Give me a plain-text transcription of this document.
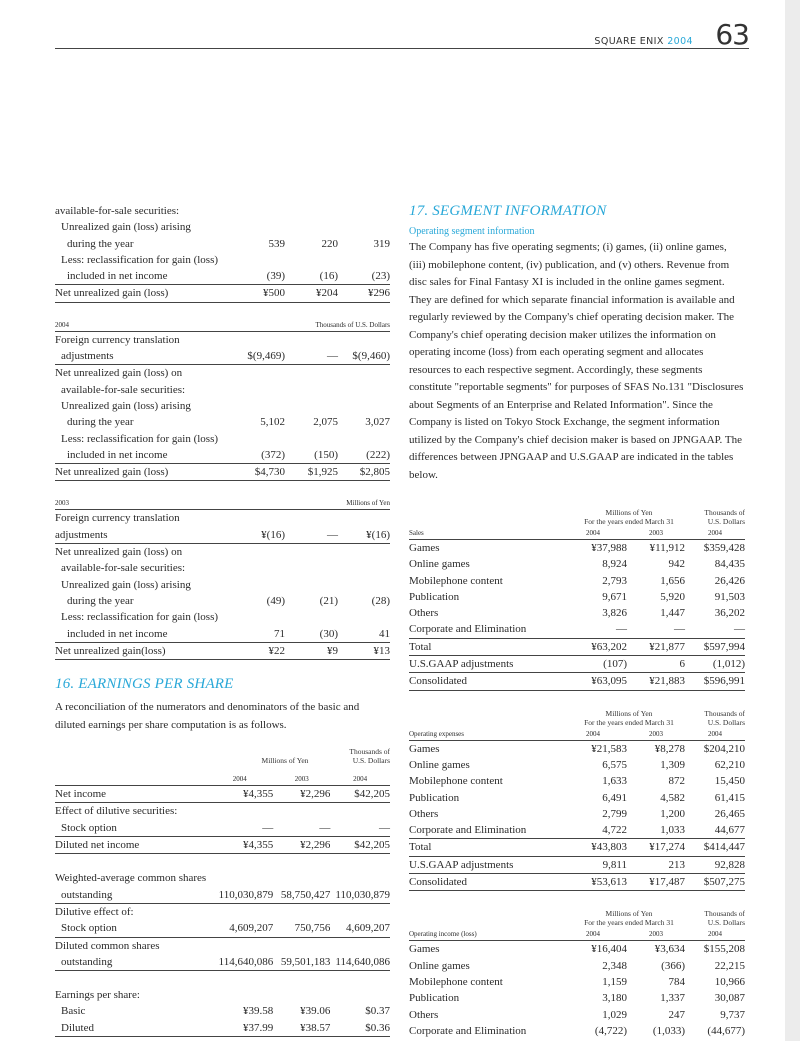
SQUARE ENIX 2004 63
available-for-sale securities:			
Unrealized gain (loss) arising			
during the year	539	220	319
Less: reclassification for gain (loss)			
included in net income	(39)	(16)	(23)
Net unrealized gain (loss)	¥500	¥204	¥296
2004	Thousands of U.S. Dollars		
Foreign currency translation			
adjustments	$(9,469)	—	$(9,460)
Net unrealized gain (loss) on			
available-for-sale securities:			
Unrealized gain (loss) arising			
during the year	5,102	2,075	3,027
Less: reclassification for gain (loss)			
included in net income	(372)	(150)	(222)
Net unrealized gain (loss)	$4,730	$1,925	$2,805
2003	Millions of Yen		
Foreign currency translation			
adjustments	¥(16)	—	¥(16)
Net unrealized gain (loss) on			
available-for-sale securities:			
Unrealized gain (loss) arising			
during the year	(49)	(21)	(28)
Less: reclassification for gain (loss)			
included in net income	71	(30)	41
Net unrealized gain(loss)	¥22	¥9	¥13
16. EARNINGS PER SHARE

A reconciliation of the numerators and denominators of the basic and diluted earnings per share computation is as follows.

Millions of Yen
Thousands of
U.S. Dollars
	2004	2003	2004
Net income	¥4,355	¥2,296	$42,205
Effect of dilutive securities:			
Stock option	—	—	—
Diluted net income	¥4,355	¥2,296	$42,205

Weighted-average common shares			
outstanding	110,030,879	58,750,427	110,030,879
Dilutive effect of:			
Stock option	4,609,207	750,756	4,609,207
Diluted common shares			
outstanding	114,640,086	59,501,183	114,640,086

Earnings per share:			
Basic	¥39.58	¥39.06	$0.37
Diluted	¥37.99	¥38.57	$0.36
17. SEGMENT INFORMATION
Operating segment information

The Company has five operating segments; (i) games, (ii) online games, (iii) mobilephone content, (iv) publication, and (v) others. Revenue from disc sales for Final Fantasy XI is included in the online games segment. They are defined for which separate financial information is available and regularly reviewed by the Company's chief operating decision maker. The Company's chief operating decision maker utilizes the information on operating income (loss) from each operating segment and allocates resources to each respective segment. Accordingly, these segments constitute "reportable segments" for purposes of SFAS No.131 "Disclosures about Segments of an Enterprise and Related Information". Since the Company is listed on Tokyo Stock Exchange, the segment information utilized by the Company's chief decision maker is based on JPNGAAP. The differences between JPNGAAP and U.S.GAAP are indicated in the tables below.

Millions of Yen
For the years ended March 31
Thousands of
U.S. Dollars
Sales	2004	2003	2004
Games	¥37,988	¥11,912	$359,428
Online games	8,924	942	84,435
Mobilephone content	2,793	1,656	26,426
Publication	9,671	5,920	91,503
Others	3,826	1,447	36,202
Corporate and Elimination	—	—	—
Total	¥63,202	¥21,877	$597,994
U.S.GAAP adjustments	(107)	6	(1,012)
Consolidated	¥63,095	¥21,883	$596,991
Millions of Yen
For the years ended March 31
Thousands of
U.S. Dollars
Operating expenses	2004	2003	2004
Games	¥21,583	¥8,278	$204,210
Online games	6,575	1,309	62,210
Mobilephone content	1,633	872	15,450
Publication	6,491	4,582	61,415
Others	2,799	1,200	26,465
Corporate and Elimination	4,722	1,033	44,677
Total	¥43,803	¥17,274	$414,447
U.S.GAAP adjustments	9,811	213	92,828
Consolidated	¥53,613	¥17,487	$507,275
Millions of Yen
For the years ended March 31
Thousands of
U.S. Dollars
Operating income (loss)	2004	2003	2004
Games	¥16,404	¥3,634	$155,208
Online games	2,348	(366)	22,215
Mobilephone content	1,159	784	10,966
Publication	3,180	1,337	30,087
Others	1,029	247	9,737
Corporate and Elimination	(4,722)	(1,033)	(44,677)
